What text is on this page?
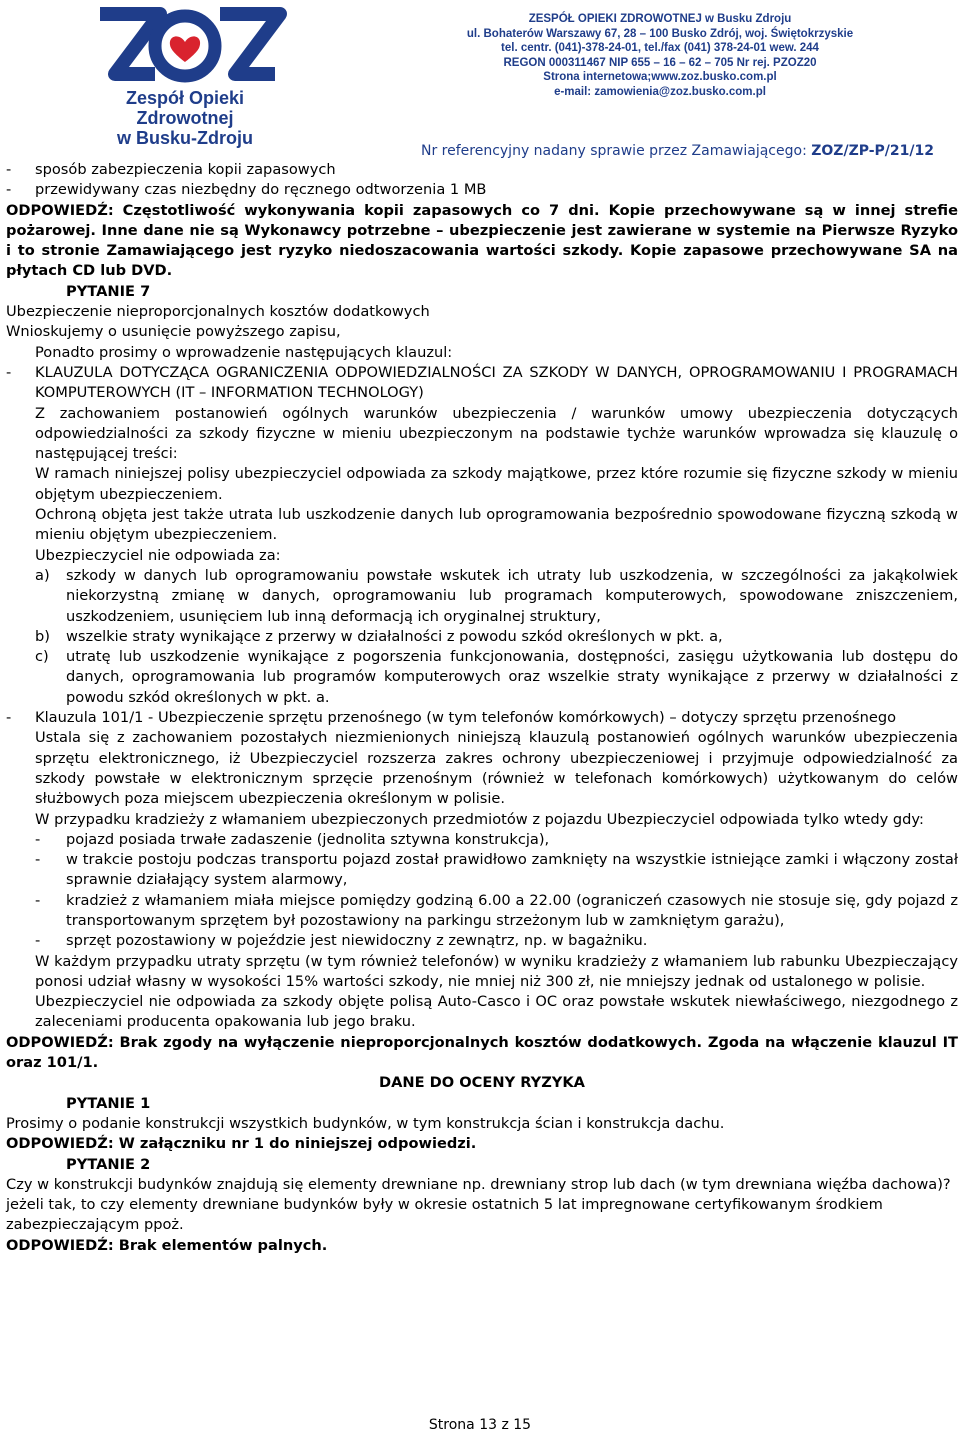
Zespół Opieki Zdrowotnej
w Busku-Zdroju
ZESPÓŁ OPIEKI ZDROWOTNEJ w Busku Zdroju
ul. Bohaterów Warszawy 67, 28 – 100 Busko Zdrój, woj. Świętokrzyskie
tel. centr. (041)-378-24-01, tel./fax (041) 378-24-01 wew. 244
REGON 000311467 NIP 655 – 16 – 62 – 705 Nr rej. PZOZ20
Strona internetowa;www.zoz.busko.com.pl
e-mail: zamowienia@zoz.busko.com.pl
Nr referencyjny nadany sprawie przez Zamawiającego: ZOZ/ZP-P/21/12

- sposób zabezpieczenia kopii zapasowych

- przewidywany czas niezbędny do ręcznego odtworzenia 1 MB

ODPOWIEDŹ: Częstotliwość wykonywania kopii zapasowych co 7 dni. Kopie przechowywane są w innej strefie pożarowej. Inne dane nie są Wykonawcy potrzebne – ubezpieczenie jest zawierane w systemie na Pierwsze Ryzyko i to stronie Zamawiającego jest ryzyko niedoszacowania wartości szkody. Kopie zapasowe przechowywane SA na płytach CD lub DVD.

PYTANIE 7

Ubezpieczenie nieproporcjonalnych kosztów dodatkowych

Wnioskujemy o usunięcie powyższego zapisu,

Ponadto prosimy o wprowadzenie następujących klauzul:

- KLAUZULA DOTYCZĄCA OGRANICZENIA ODPOWIEDZIALNOŚCI ZA SZKODY W DANYCH, OPROGRAMOWANIU I PROGRAMACH KOMPUTEROWYCH (IT – INFORMATION TECHNOLOGY)

Z zachowaniem postanowień ogólnych warunków ubezpieczenia / warunków umowy ubezpieczenia dotyczących odpowiedzialności za szkody fizyczne w mieniu ubezpieczonym na podstawie tychże warunków wprowadza się klauzulę o następującej treści:

W ramach niniejszej polisy ubezpieczyciel odpowiada za szkody majątkowe, przez które rozumie się fizyczne szkody w mieniu objętym ubezpieczeniem.

Ochroną objęta jest także utrata lub uszkodzenie danych lub oprogramowania bezpośrednio spowodowane fizyczną szkodą w mieniu objętym ubezpieczeniem.

Ubezpieczyciel nie odpowiada za:

a) szkody w danych lub oprogramowaniu powstałe wskutek ich utraty lub uszkodzenia, w szczególności za jakąkolwiek niekorzystną zmianę w danych, oprogramowaniu lub programach komputerowych, spowodowane zniszczeniem, uszkodzeniem, usunięciem lub inną deformacją ich oryginalnej struktury,

b) wszelkie straty wynikające z przerwy w działalności z powodu szkód określonych w pkt. a,

c) utratę lub uszkodzenie wynikające z pogorszenia funkcjonowania, dostępności, zasięgu użytkowania lub dostępu do danych, oprogramowania lub programów komputerowych oraz wszelkie straty wynikające z przerwy w działalności z powodu szkód określonych w pkt. a.

- Klauzula 101/1 - Ubezpieczenie sprzętu przenośnego (w tym telefonów komórkowych) – dotyczy sprzętu przenośnego

Ustala się z zachowaniem pozostałych niezmienionych niniejszą klauzulą postanowień ogólnych warunków ubezpieczenia sprzętu elektronicznego, iż Ubezpieczyciel rozszerza zakres ochrony ubezpieczeniowej i przyjmuje odpowiedzialność za szkody powstałe w elektronicznym sprzęcie przenośnym (również w telefonach komórkowych) użytkowanym do celów służbowych poza miejscem ubezpieczenia określonym w polisie.

W przypadku kradzieży z włamaniem ubezpieczonych przedmiotów z pojazdu Ubezpieczyciel odpowiada tylko wtedy gdy:

- pojazd posiada trwałe zadaszenie (jednolita sztywna konstrukcja),

- w trakcie postoju podczas transportu pojazd został prawidłowo zamknięty na wszystkie istniejące zamki i włączony został sprawnie działający system alarmowy,

- kradzież z włamaniem miała miejsce pomiędzy godziną 6.00 a 22.00 (ograniczeń czasowych nie stosuje się, gdy pojazd z transportowanym sprzętem był pozostawiony na parkingu strzeżonym lub w zamkniętym garażu),

- sprzęt pozostawiony w pojeździe jest niewidoczny z zewnątrz, np. w bagażniku.

W każdym przypadku utraty sprzętu (w tym również telefonów) w wyniku kradzieży z włamaniem lub rabunku Ubezpieczający ponosi udział własny w wysokości 15% wartości szkody, nie mniej niż 300 zł, nie mniejszy jednak od ustalonego w polisie.

Ubezpieczyciel nie odpowiada za szkody objęte polisą Auto-Casco i OC oraz powstałe wskutek niewłaściwego, niezgodnego z zaleceniami producenta opakowania lub jego braku.

ODPOWIEDŹ: Brak zgody na wyłączenie nieproporcjonalnych kosztów dodatkowych. Zgoda na włączenie klauzul IT oraz 101/1.

DANE DO OCENY RYZYKA

PYTANIE 1

Prosimy o podanie konstrukcji wszystkich budynków, w tym konstrukcja ścian i konstrukcja dachu.

ODPOWIEDŹ: W załączniku nr 1 do niniejszej odpowiedzi.

PYTANIE 2

Czy w konstrukcji budynków znajdują się elementy drewniane np. drewniany strop lub dach (w tym drewniana więźba dachowa)?

jeżeli tak, to czy elementy drewniane budynków były w okresie ostatnich 5 lat impregnowane certyfikowanym środkiem zabezpieczającym ppoż.

ODPOWIEDŹ: Brak elementów palnych.

Strona 13 z 15
